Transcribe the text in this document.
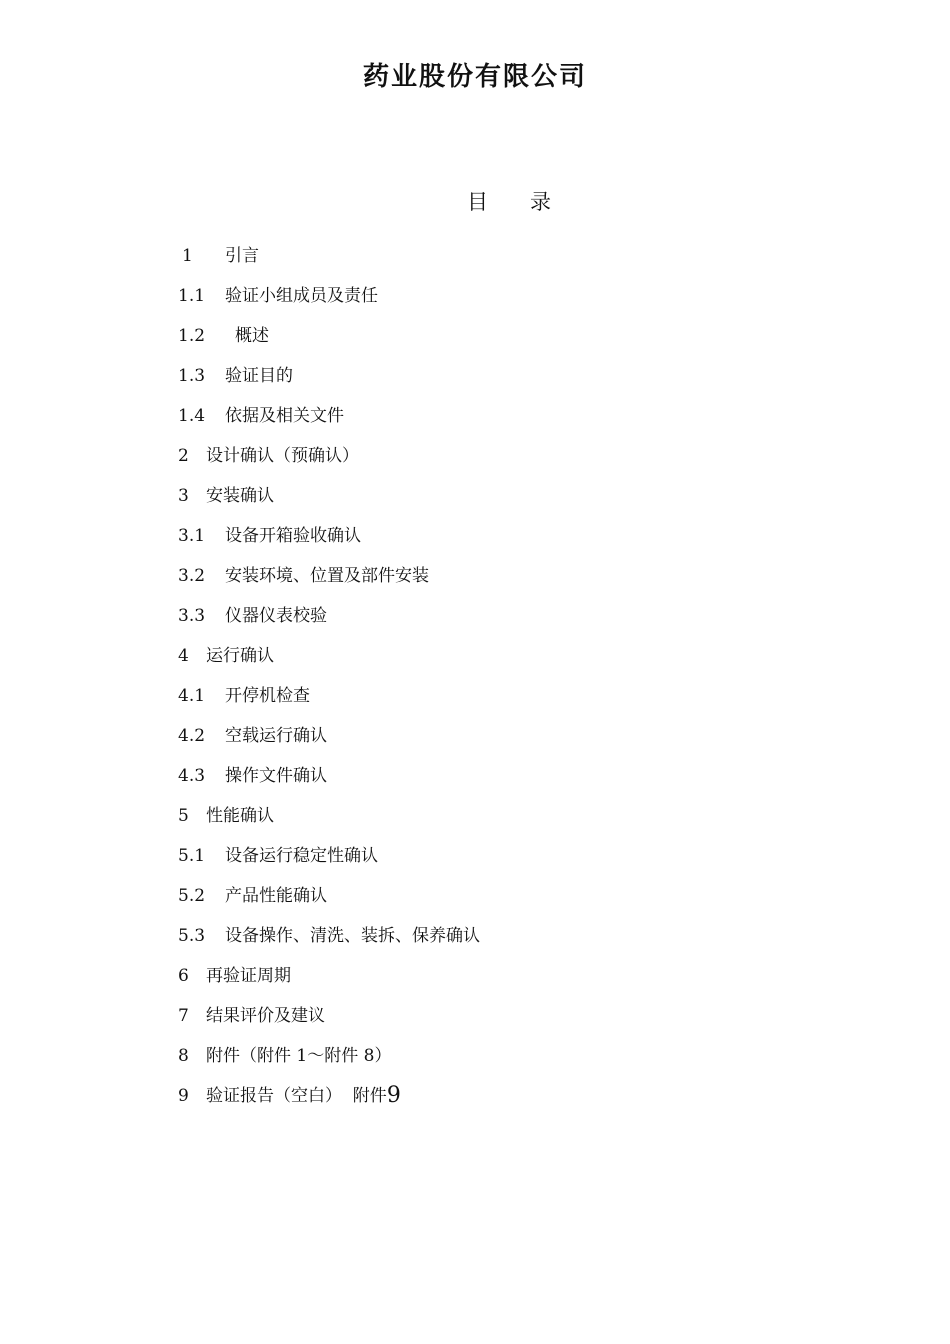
药业股份有限公司
目　　录
1 引言
1.1 验证小组成员及责任
1.2 概述
1.3 验证目的
1.4 依据及相关文件
2 设计确认（预确认）
3 安装确认
3.1 设备开箱验收确认
3.2 安装环境、位置及部件安装
3.3 仪器仪表校验
4 运行确认
4.1 开停机检查
4.2 空载运行确认
4.3 操作文件确认
5 性能确认
5.1 设备运行稳定性确认
5.2 产品性能确认
5.3 设备操作、清洗、装拆、保养确认
6 再验证周期
7 结果评价及建议
8 附件（附件 1～附件 8）
9 验证报告（空白）  附件9
